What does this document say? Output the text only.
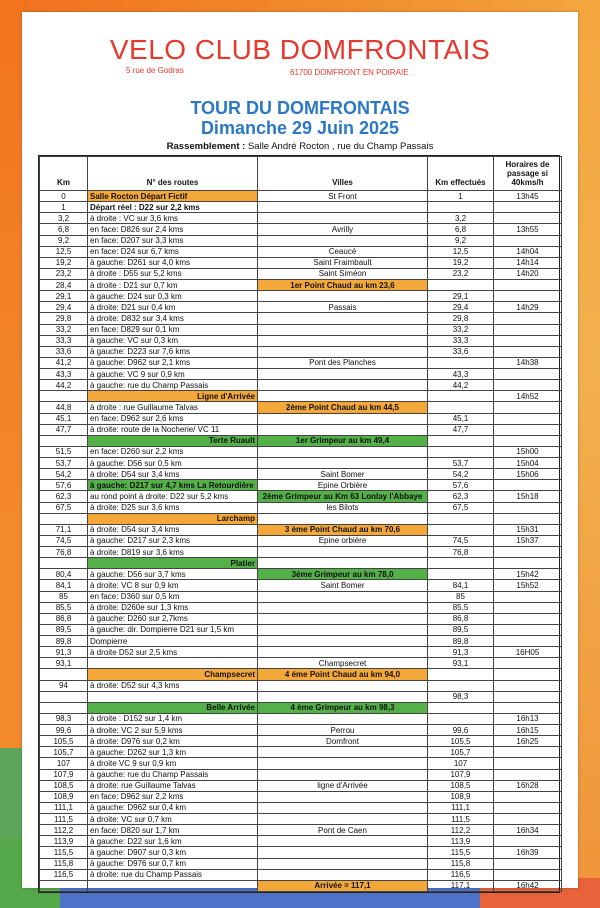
VELO CLUB DOMFRONTAIS
5 rue de Godras	61700 DOMFRONT EN POIRAIE
TOUR DU DOMFRONTAIS
Dimanche 29 Juin 2025
Rassemblement : Salle André Rocton , rue du Champ Passais
Km	N° des routes	Villes	Km effectués	Horaires de passage si 40kms/h
0	Salle Rocton Départ Fictif	St Front	1	13h45
1	Départ réel : D22 sur 2,2 kms			
3,2	à droite : VC sur 3,6 kms		3,2	
6,8	en face: D826 sur 2,4 kms	Avrilly	6,8	13h55
9,2	en face: D207 sur 3,3 kms		9,2	
12,5	en face: D24 sur 6,7 kms	Ceaucé	12,5	14h04
19,2	à gauche: D261 sur 4,0 kms	Saint Fraimbault	19,2	14h14
23,2	à droite : D55 sur 5,2 kms	Saint Siméon	23,2	14h20
28,4	à droite : D21 sur 0,7 km	1er Point Chaud au km 23,6		
29,1	à gauche: D24 sur 0,3 km		29,1	
29,4	à droite: D21 sur 0,4 km	Passais	29,4	14h29
29,8	à droite: D832 sur 3,4 kms		29,8	
33,2	en face: D829 sur 0,1 km		33,2	
33,3	à gauche: VC sur 0,3 km		33,3	
33,6	à gauche: D223 sur 7,6 kms		33,6	
41,2	à gauche: D962 sur 2,1 kms	Pont des Planches		14h38
43,3	à gauche: VC 9 sur 0,9 km		43,3	
44,2	à gauche: rue du Champ Passais		44,2	
	Ligne d'Arrivée			14h52
44,8	à droite : rue Guillaume Talvas	2ème Point Chaud au km 44,5		
45,1	en face: D962 sur 2,6 kms		45,1	
47,7	à droite: route de la Nocherie/ VC 11		47,7	
	Terte Ruault	1er Grimpeur au km 49,4		
51,5	en face: D260 sur 2,2 kms			15h00
53,7	à gauche: D56 sur 0,5 km		53,7	15h04
54,2	à droite: D54 sur 3,4 kms	Saint Bomer	54,2	15h06
57,6	à gauche: D217 sur 4,7 kms La Retourdière	Epine Orbière	57,6	
62,3	au rond point à droite: D22 sur 5,2 kms	2ème Grimpeur au Km 63 Lonlay l'Abbaye	62,3	15h18
67,5	à droite: D25 sur 3,6 kms	les Bilots	67,5	
	Larchamp			
71,1	à droite: D54 sur 3,4 kms	3 ème Point Chaud au km 70,6		15h31
74,5	à gauche: D217 sur 2,3 kms	Epine orbière	74,5	15h37
76,8	à droite: D819 sur 3,6 kms		76,8	
	Platier			
80,4	à gauche: D56 sur 3,7 kms	3éme Grimpeur au km 78,0		15h42
84,1	à droite: VC 8 sur 0,9 km	Saint Bomer	84,1	15h52
85	en face: D360 sur 0,5 km		85	
85,5	à droite: D260e sur 1,3 kms		85,5	
86,8	à gauche: D260 sur 2,7kms		86,8	
89,5	à gauche: dir. Dompierre D21 sur 1,5 km		89,5	
89,8	Dompierre		89,8	
91,3	à droite D52 sur 2,5 kms		91,3	16H05
93,1		Champsecret	93,1	
	Champsecret	4 éme Point Chaud au km 94,0		
94	à droite: D52 sur 4,3 kms			
			98,3	
	Belle Arrivée	4 ème Grimpeur au km 98,3		
98,3	à droite : D152 sur 1,4 km			16h13
99,6	à droite: VC 2 sur 5,9 kms	Perrou	99,6	16h15
105,5	à droite: D976 sur 0,2 km	Domfront	105,5	16h25
105,7	à gauche: D262 sur 1,3 km		105,7	
107	à droite VC 9 sur 0,9 km		107	
107,9	à gauche: rue du Champ Passais		107,9	
108,5	à droite: rue Guillaume Talvas	ligne d'Arrivée	108,5	16h28
108,9	en face: D962 sur 2,2 kms		108,9	
111,1	à gauche: D962 sur 0,4 km		111,1	
111,5	à droite: VC sur 0,7 km		111,5	
112,2	en face: D820 sur 1,7 km	Pont de Caen	112,2	16h34
113,9	à gauche: D22 sur 1,6 km		113,9	
115,5	à gauche: D907 sur 0,3 km		115,5	16h39
115,8	à gauche: D976 sur 0,7 km		115,8	
116,5	à droite: rue du Champ Passais		116,5	
		Arrivée = 117,1	117,1	16h42
